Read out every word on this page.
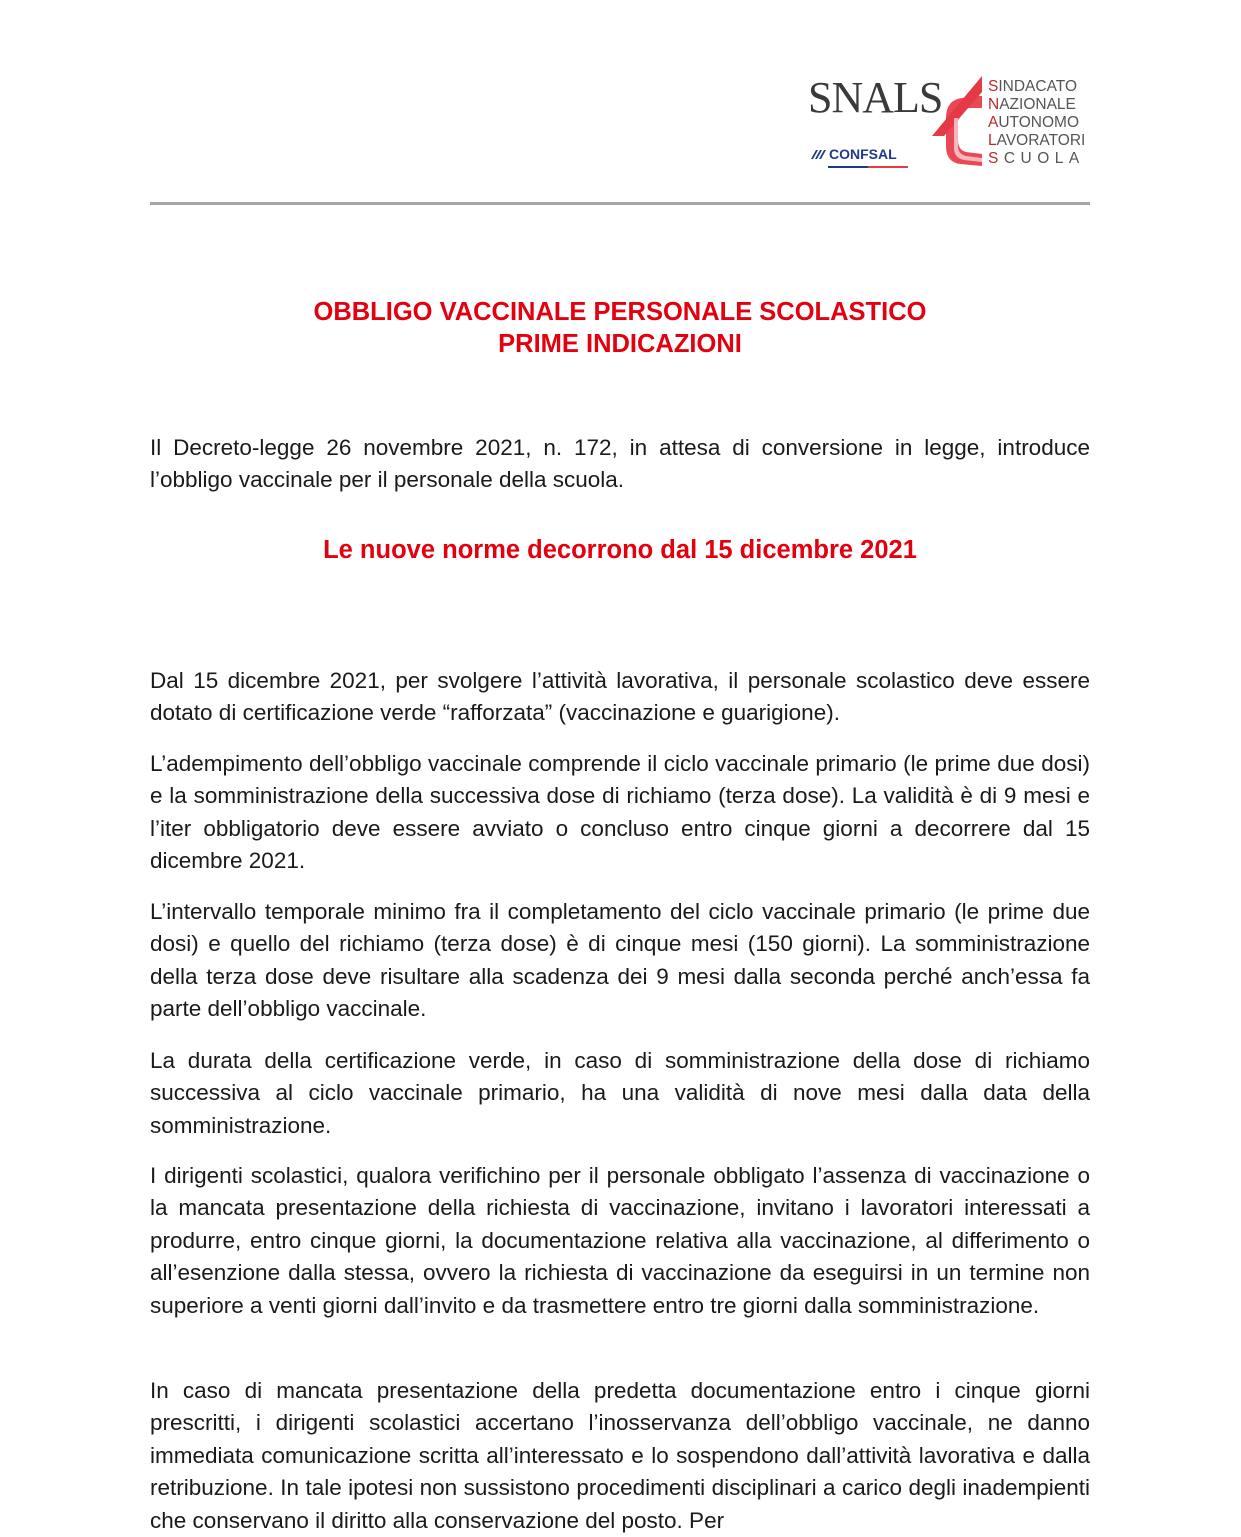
SNALS
CONFSAL
SINDACATO
NAZIONALE
AUTONOMO
LAVORATORI
SCUOLA
OBBLIGO VACCINALE PERSONALE SCOLASTICO
PRIME INDICAZIONI

Il Decreto-legge 26 novembre 2021, n. 172, in attesa di conversione in legge, introduce l’obbligo vaccinale per il personale della scuola.

Le nuove norme decorrono dal 15 dicembre 2021

Dal 15 dicembre 2021, per svolgere l’attività lavorativa, il personale scolastico deve essere dotato di certificazione verde “rafforzata” (vaccinazione e guarigione).

L’adempimento dell’obbligo vaccinale comprende il ciclo vaccinale primario (le prime due dosi) e la somministrazione della successiva dose di richiamo (terza dose). La validità è di 9 mesi e l’iter obbligatorio deve essere avviato o concluso entro cinque giorni a decorrere dal 15 dicembre 2021.

L’intervallo temporale minimo fra il completamento del ciclo vaccinale primario (le prime due dosi) e quello del richiamo (terza dose) è di cinque mesi (150 giorni). La somministrazione della terza dose deve risultare alla scadenza dei 9 mesi dalla seconda perché anch’essa fa parte dell’obbligo vaccinale.

La durata della certificazione verde, in caso di somministrazione della dose di richiamo successiva al ciclo vaccinale primario, ha una validità di nove mesi dalla data della somministrazione.

I dirigenti scolastici, qualora verifichino per il personale obbligato l’assenza di vaccinazione o la mancata presentazione della richiesta di vaccinazione, invitano i lavoratori interessati a produrre, entro cinque giorni, la documentazione relativa alla vaccinazione, al differimento o all’esenzione dalla stessa, ovvero la richiesta di vaccinazione da eseguirsi in un termine non superiore a venti giorni dall’invito e da trasmettere entro tre giorni dalla somministrazione.

In caso di mancata presentazione della predetta documentazione entro i cinque giorni prescritti, i dirigenti scolastici accertano l’inosservanza dell’obbligo vaccinale, ne danno immediata comunicazione scritta all’interessato e lo sospendono dall’attività lavorativa e dalla retribuzione. In tale ipotesi non sussistono procedimenti disciplinari a carico degli inadempienti che conservano il diritto alla conservazione del posto. Per
